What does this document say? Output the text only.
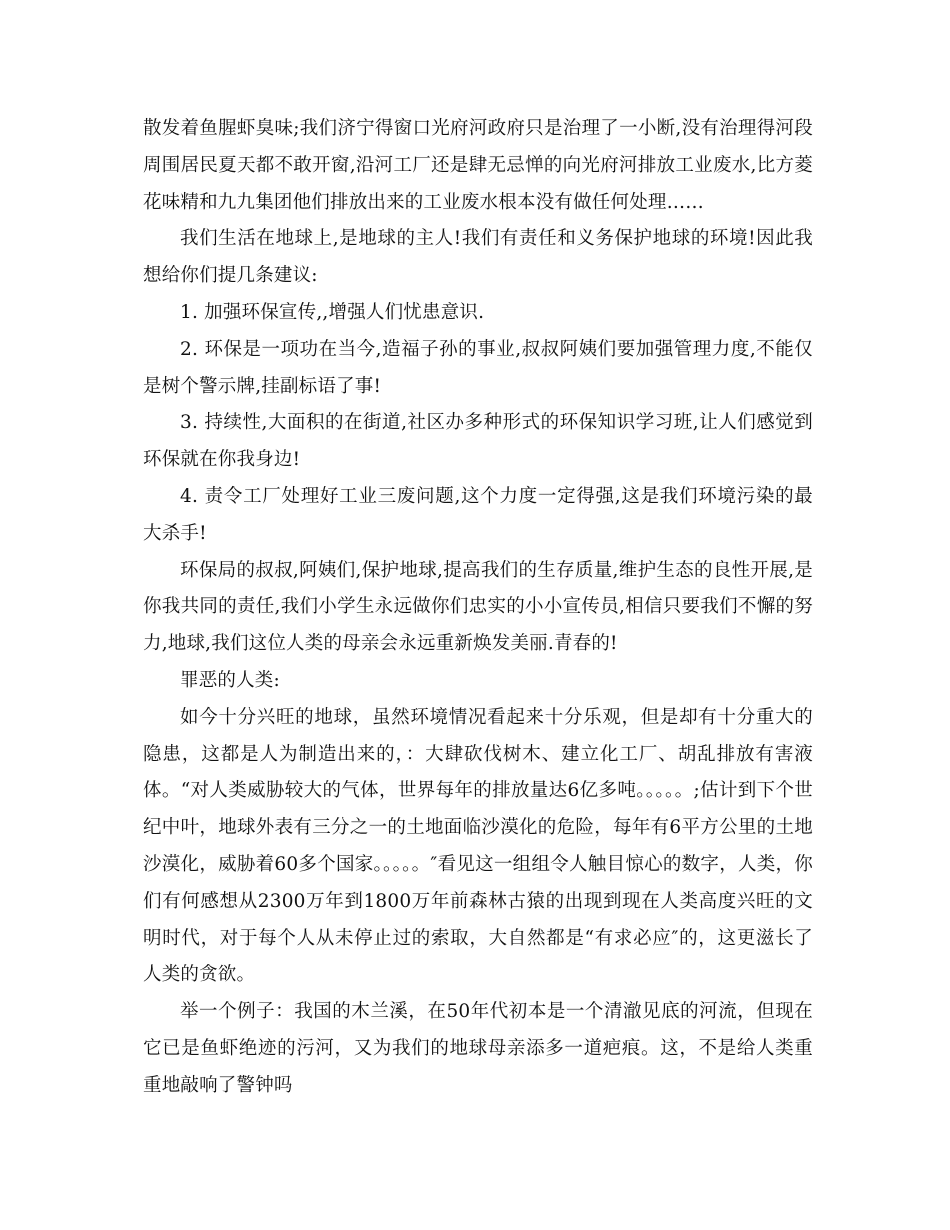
散发着鱼腥虾臭味;我们济宁得窗口光府河政府只是治理了一小断,没有治理得河段周围居民夏天都不敢开窗,沿河工厂还是肆无忌惮的向光府河排放工业废水,比方菱花味精和九九集团他们排放出来的工业废水根本没有做任何处理……

我们生活在地球上,是地球的主人!我们有责任和义务保护地球的环境!因此我想给你们提几条建议:

1. 加强环保宣传,,增强人们忧患意识.

2. 环保是一项功在当今,造福子孙的事业,叔叔阿姨们要加强管理力度,不能仅是树个警示牌,挂副标语了事!

3. 持续性,大面积的在街道,社区办多种形式的环保知识学习班,让人们感觉到环保就在你我身边!

4. 责令工厂处理好工业三废问题,这个力度一定得强,这是我们环境污染的最大杀手!

环保局的叔叔,阿姨们,保护地球,提高我们的生存质量,维护生态的良性开展,是你我共同的责任,我们小学生永远做你们忠实的小小宣传员,相信只要我们不懈的努力,地球,我们这位人类的母亲会永远重新焕发美丽.青春的!

罪恶的人类:

如今十分兴旺的地球，虽然环境情况看起来十分乐观，但是却有十分重大的隐患，这都是人为制造出来的，：大肆砍伐树木、建立化工厂、胡乱排放有害液体。“对人类威胁较大的气体，世界每年的排放量达6亿多吨。。。。。;估计到下个世纪中叶，地球外表有三分之一的土地面临沙漠化的危险，每年有6平方公里的土地沙漠化，威胁着60多个国家。。。。。″看见这一组组令人触目惊心的数字，人类，你们有何感想从2300万年到1800万年前森林古猿的出现到现在人类高度兴旺的文明时代，对于每个人从未停止过的索取，大自然都是“有求必应″的，这更滋长了人类的贪欲。

举一个例子：我国的木兰溪，在50年代初本是一个清澈见底的河流，但现在它已是鱼虾绝迹的污河，又为我们的地球母亲添多一道疤痕。这，不是给人类重重地敲响了警钟吗
